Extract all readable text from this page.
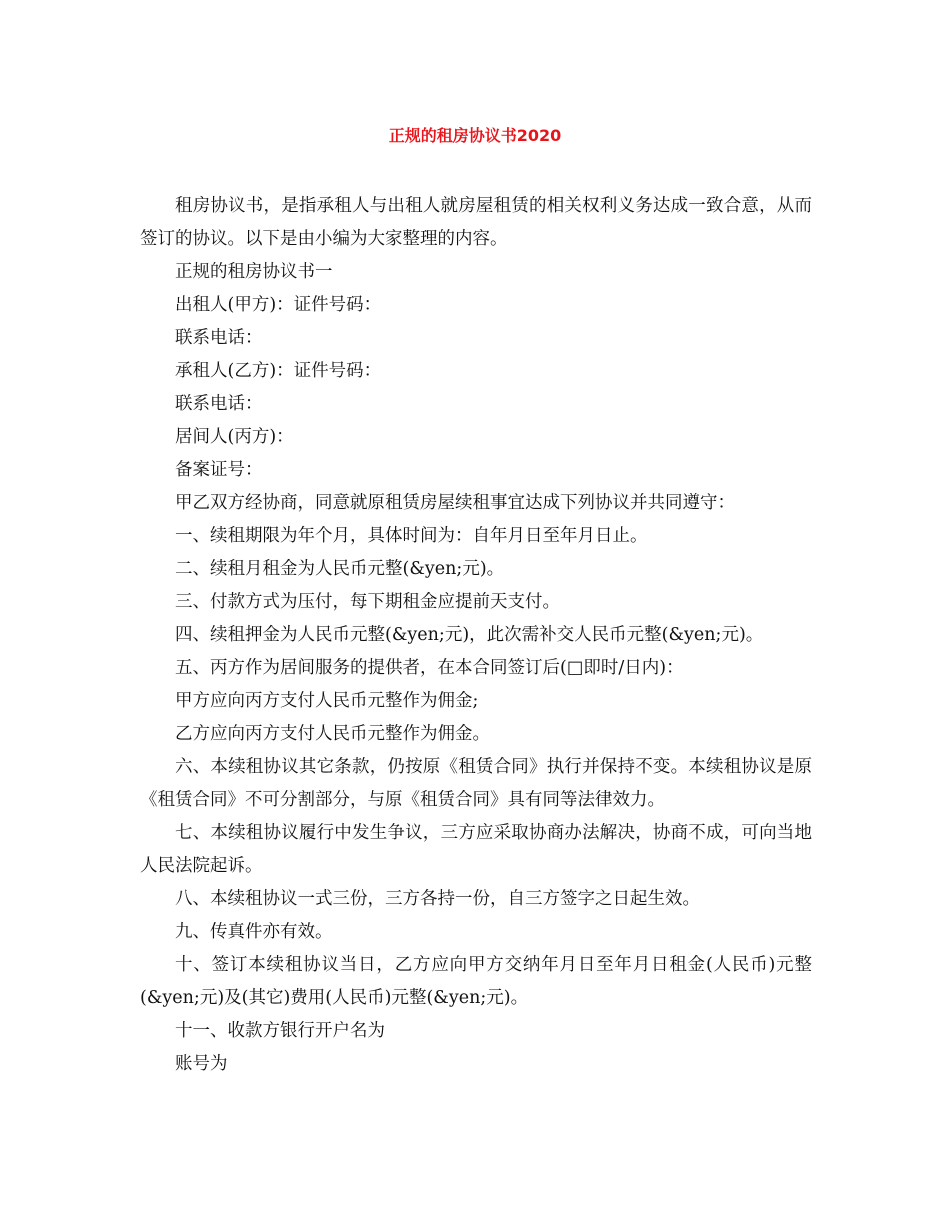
正规的租房协议书2020

租房协议书，是指承租人与出租人就房屋租赁的相关权利义务达成一致合意，从而签订的协议。以下是由小编为大家整理的内容。

正规的租房协议书一

出租人(甲方)：证件号码：

联系电话：

承租人(乙方)：证件号码：

联系电话：

居间人(丙方)：

备案证号：

甲乙双方经协商，同意就原租赁房屋续租事宜达成下列协议并共同遵守：

一、续租期限为年个月，具体时间为：自年月日至年月日止。

二、续租月租金为人民币元整(&yen;元)。

三、付款方式为压付，每下期租金应提前天支付。

四、续租押金为人民币元整(&yen;元)，此次需补交人民币元整(&yen;元)。

五、丙方作为居间服务的提供者，在本合同签订后(□即时/日内)：

甲方应向丙方支付人民币元整作为佣金;

乙方应向丙方支付人民币元整作为佣金。

六、本续租协议其它条款，仍按原《租赁合同》执行并保持不变。本续租协议是原《租赁合同》不可分割部分，与原《租赁合同》具有同等法律效力。

七、本续租协议履行中发生争议，三方应采取协商办法解决，协商不成，可向当地人民法院起诉。

八、本续租协议一式三份，三方各持一份，自三方签字之日起生效。

九、传真件亦有效。

十、签订本续租协议当日，乙方应向甲方交纳年月日至年月日租金(人民币)元整(&yen;元)及(其它)费用(人民币)元整(&yen;元)。

十一、收款方银行开户名为

账号为
